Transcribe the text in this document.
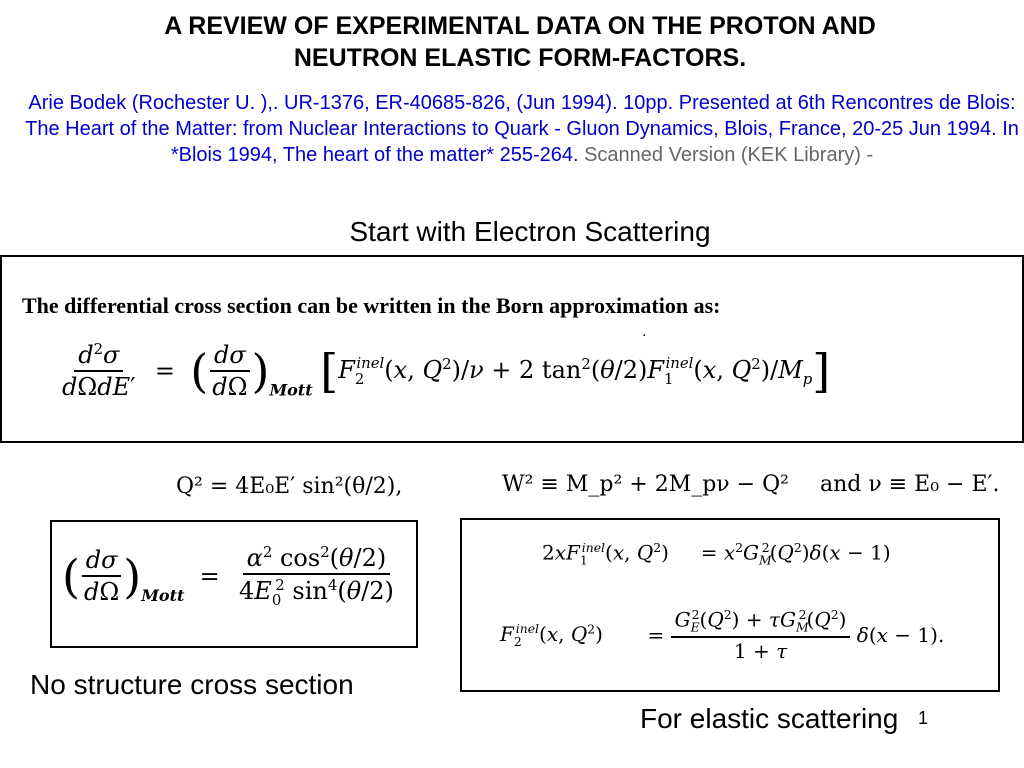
A REVIEW OF EXPERIMENTAL DATA ON THE PROTON AND
NEUTRON ELASTIC FORM-FACTORS.
Arie Bodek (Rochester U. ),. UR-1376, ER-40685-826, (Jun 1994). 10pp. Presented at 6th Rencontres de Blois: The Heart of the Matter: from Nuclear Interactions to Quark - Gluon Dynamics, Blois, France, 20-25 Jun 1994. In *Blois 1994, The heart of the matter* 255-264. Scanned Version (KEK Library) -
Start with Electron Scattering
The differential cross section can be written in the Born approximation as:
.
$\frac{d^2\sigma}{\text{dΩdE′}}$ =  ( $\frac{d\sigma}{d\Omega} )_{Mott}$ [$F_2^{inel}(x$, $Q^2)/\nu + 2$ $\tan^2(\theta/2)F_1^{inel}(x$, $Q^2)/M_p$]
Q² = 4E₀E′ sin²(θ/2),	W² ≡ M_p² + 2M_pν − Q² and ν ≡ E₀ − E′.
( $\frac{d\sigma}{d\Omega} )_{Mott} = \frac{\alpha^2 \cos^2(\theta/2)}{4E_0^2 \sin^4(\theta/2)}$	$2xF_1^{inel}(x$, $Q^2$)     = $x^2G_M^2(Q^2)\delta(x - 1)$
$F_2^{inel}(x$, $Q^2$)       = $\frac{G_E^2(Q^2) + \tau G_M^2(Q^2)}{1 + \tau} \delta(x - 1)$.
No structure cross section
For elastic scattering 1
